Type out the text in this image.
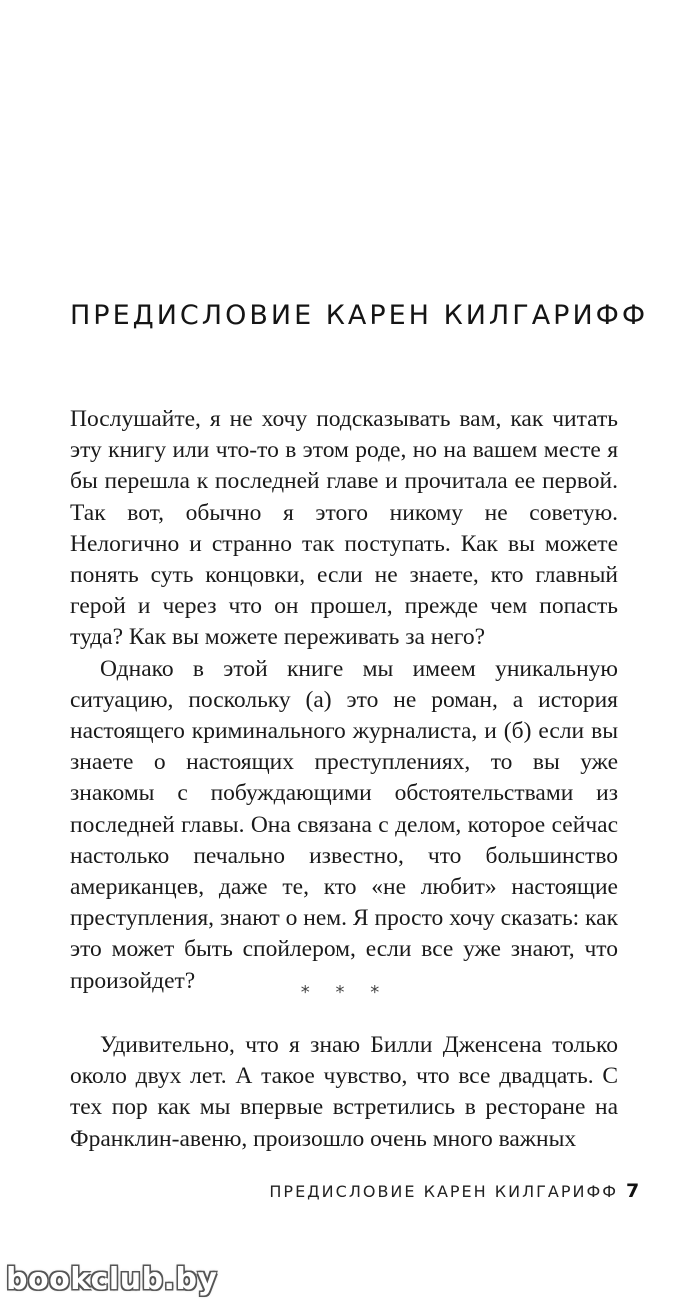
ПРЕДИСЛОВИЕ КАРЕН КИЛГАРИФФ

Послушайте, я не хочу подсказывать вам, как читать эту книгу или что-то в этом роде, но на вашем месте я бы перешла к последней главе и прочитала ее первой. Так вот, обычно я этого никому не советую. Нелогично и странно так поступать. Как вы можете понять суть концовки, если не знаете, кто главный герой и через что он прошел, прежде чем попасть туда? Как вы можете переживать за него?

Однако в этой книге мы имеем уникальную ситуацию, поскольку (а) это не роман, а история настоящего криминального журналиста, и (б) если вы знаете о настоящих преступлениях, то вы уже знакомы с побуждающими обстоятельствами из последней главы. Она связана с делом, которое сейчас настолько печально известно, что большинство американцев, даже те, кто «не любит» настоящие преступления, знают о нем. Я просто хочу сказать: как это может быть спойлером, если все уже знают, что произойдет?	* * *

Удивительно, что я знаю Билли Дженсена только около двух лет. А такое чувство, что все двадцать. С тех пор как мы впервые встретились в ресторане на Франклин-авеню, произошло очень много важных

ПРЕДИСЛОВИЕ КАРЕН КИЛГАРИФФ 7
bookclub.by
